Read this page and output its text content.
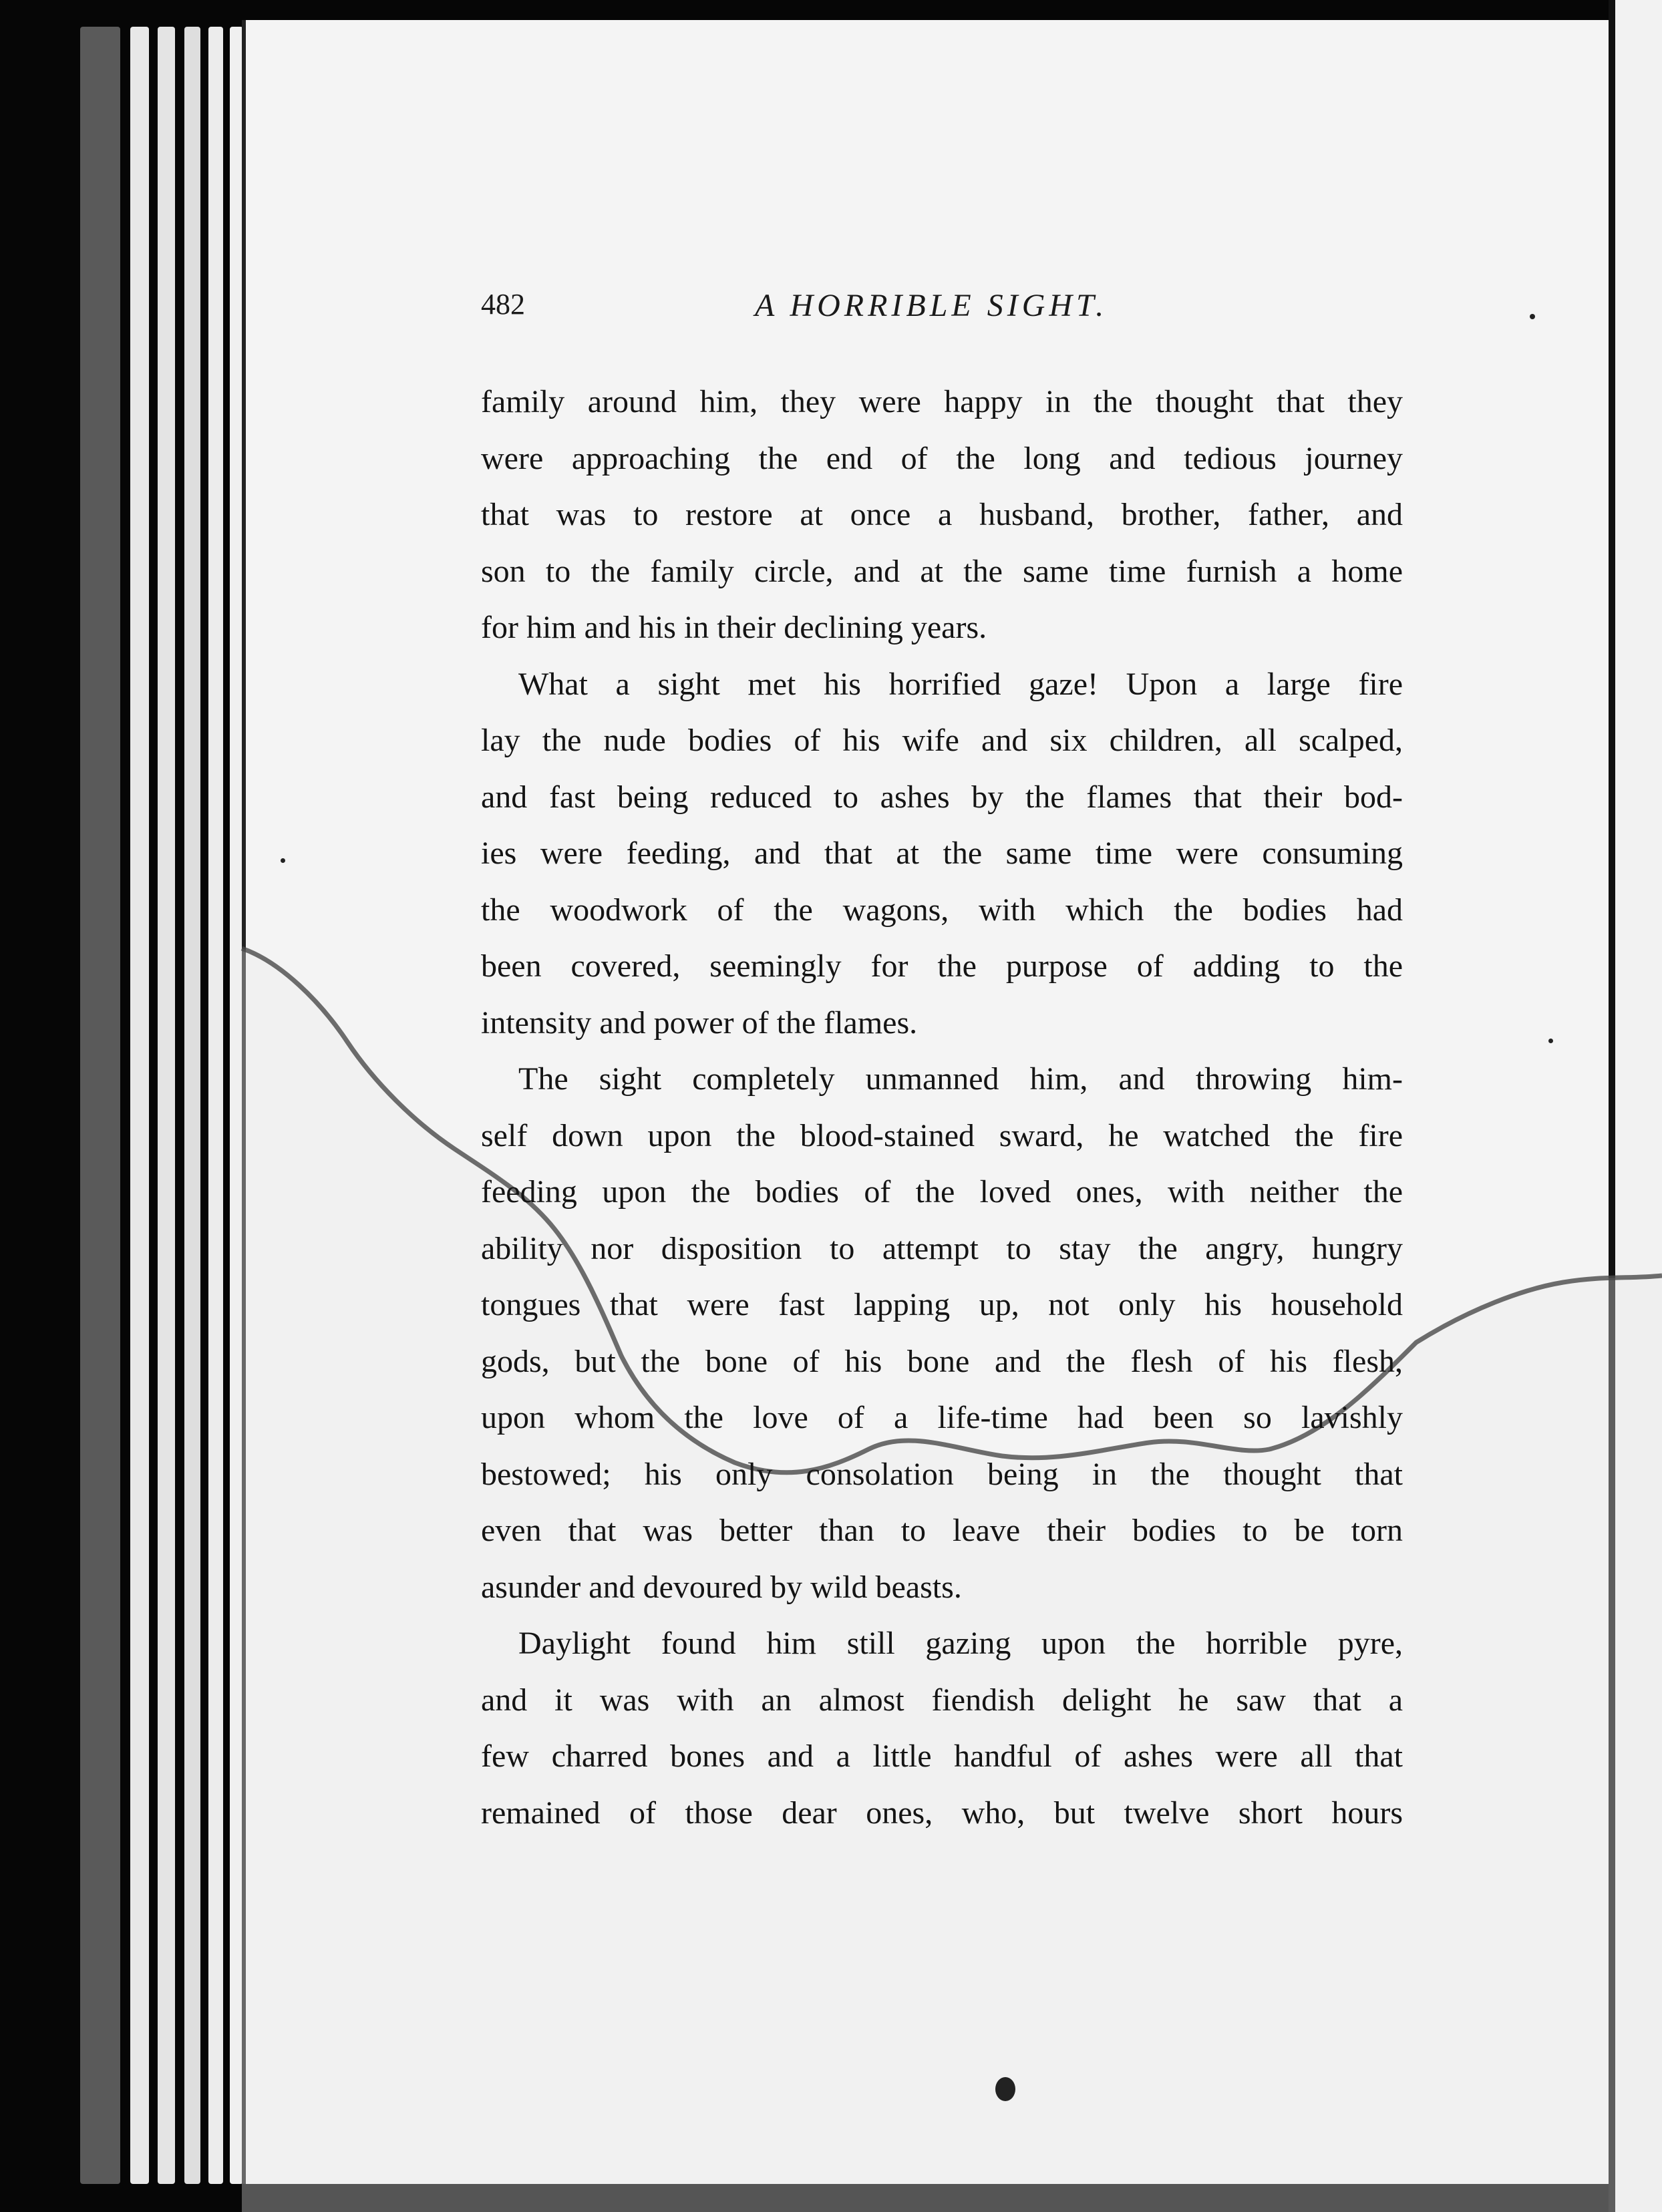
482	A HORRIBLE SIGHT.
family around him, they were happy in the thought that they
were approaching the end of the long and tedious journey
that was to restore at once a husband, brother, father, and
son to the family circle, and at the same time furnish a home
for him and his in their declining years.
What a sight met his horrified gaze! Upon a large fire
lay the nude bodies of his wife and six children, all scalped,
and fast being reduced to ashes by the flames that their bod-
ies were feeding, and that at the same time were consuming
the woodwork of the wagons, with which the bodies had
been covered, seemingly for the purpose of adding to the
intensity and power of the flames.
The sight completely unmanned him, and throwing him-
self down upon the blood-stained sward, he watched the fire
feeding upon the bodies of the loved ones, with neither the
ability nor disposition to attempt to stay the angry, hungry
tongues that were fast lapping up, not only his household
gods, but the bone of his bone and the flesh of his flesh,
upon whom the love of a life-time had been so lavishly
bestowed; his only consolation being in the thought that
even that was better than to leave their bodies to be torn
asunder and devoured by wild beasts.
Daylight found him still gazing upon the horrible pyre,
and it was with an almost fiendish delight he saw that a
few charred bones and a little handful of ashes were all that
remained of those dear ones, who, but twelve short hours
